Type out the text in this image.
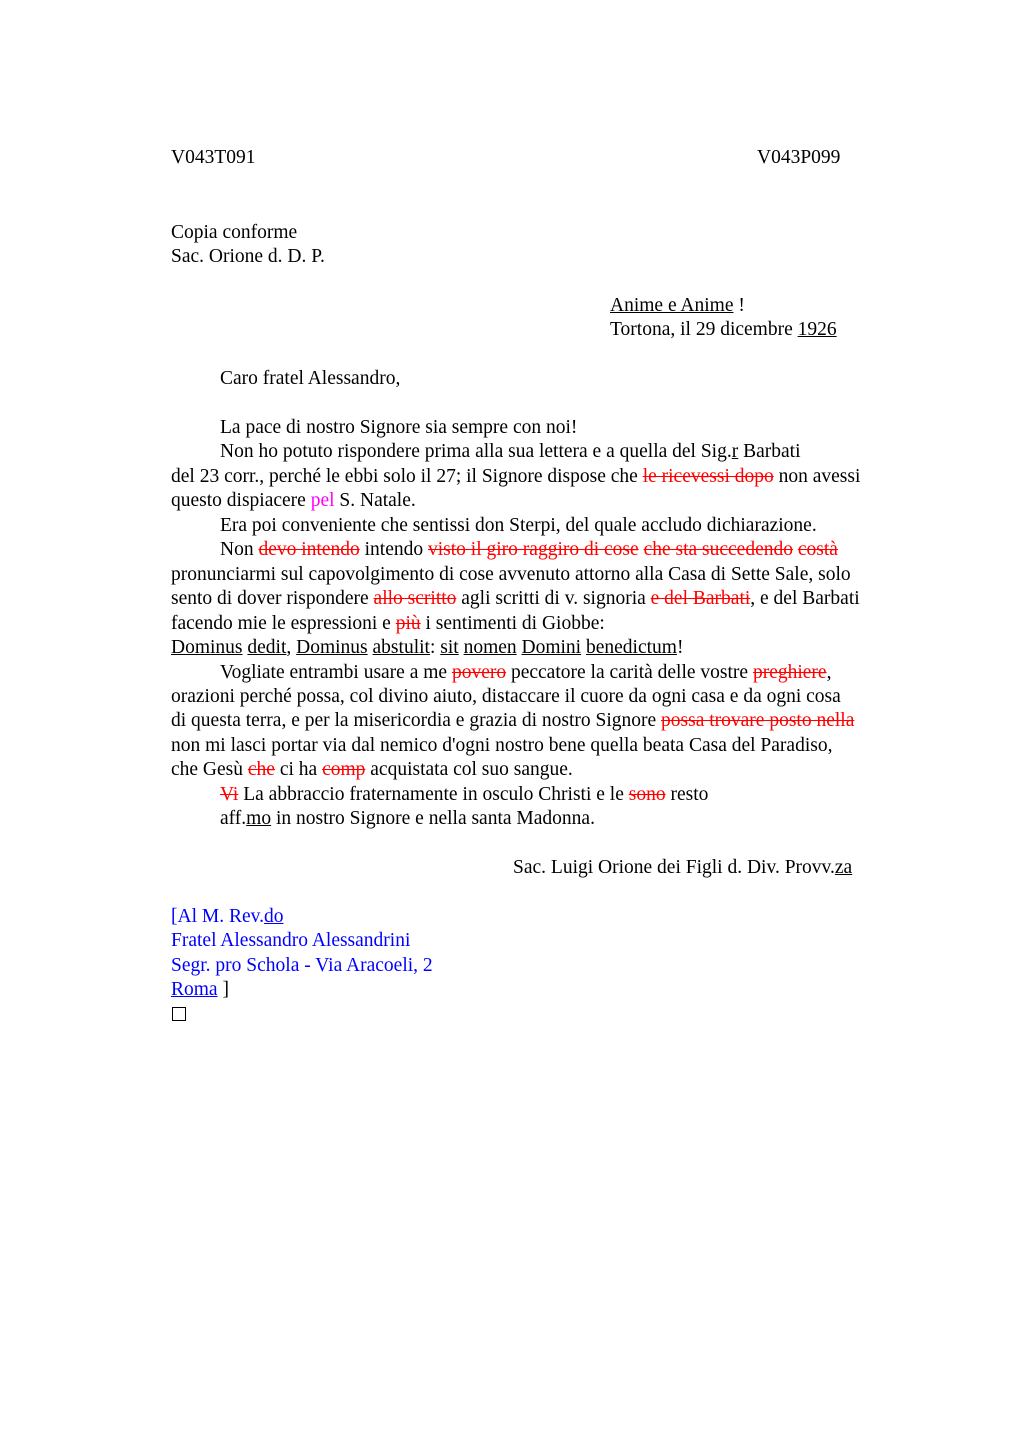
V043T091	V043P099
Copia conforme
Sac. Orione d. D. P.
Anime e Anime !
Tortona, il 29 dicembre 1926
Caro fratel Alessandro,
La pace di nostro Signore sia sempre con noi!
Non ho potuto rispondere prima alla sua lettera e a quella del Sig.r Barbati
del 23 corr., perché le ebbi solo il 27; il Signore dispose che le ricevessi dopo non avessi
questo dispiacere pel S. Natale.
Era poi conveniente che sentissi don Sterpi, del quale accludo dichiarazione.
Non devo intendo intendo visto il giro raggiro di cose che sta succedendo costà
pronunciarmi sul capovolgimento di cose avvenuto attorno alla Casa di Sette Sale, solo
sento di dover rispondere allo scritto agli scritti di v. signoria e del Barbati, e del Barbati
facendo mie le espressioni e più i sentimenti di Giobbe:
Dominus dedit, Dominus abstulit: sit nomen Domini benedictum!
Vogliate entrambi usare a me povero peccatore la carità delle vostre preghiere,
orazioni perché possa, col divino aiuto, distaccare il cuore da ogni casa e da ogni cosa
di questa terra, e per la misericordia e grazia di nostro Signore possa trovare posto nella
non mi lasci portar via dal nemico d'ogni nostro bene quella beata Casa del Paradiso,
che Gesù che ci ha comp acquistata col suo sangue.
Vi La abbraccio fraternamente in osculo Christi e le sono resto
aff.mo in nostro Signore e nella santa Madonna.
Sac. Luigi Orione dei Figli d. Div. Provv.za
[Al M. Rev.do
Fratel Alessandro Alessandrini
Segr. pro Schola - Via Aracoeli, 2
Roma ]
